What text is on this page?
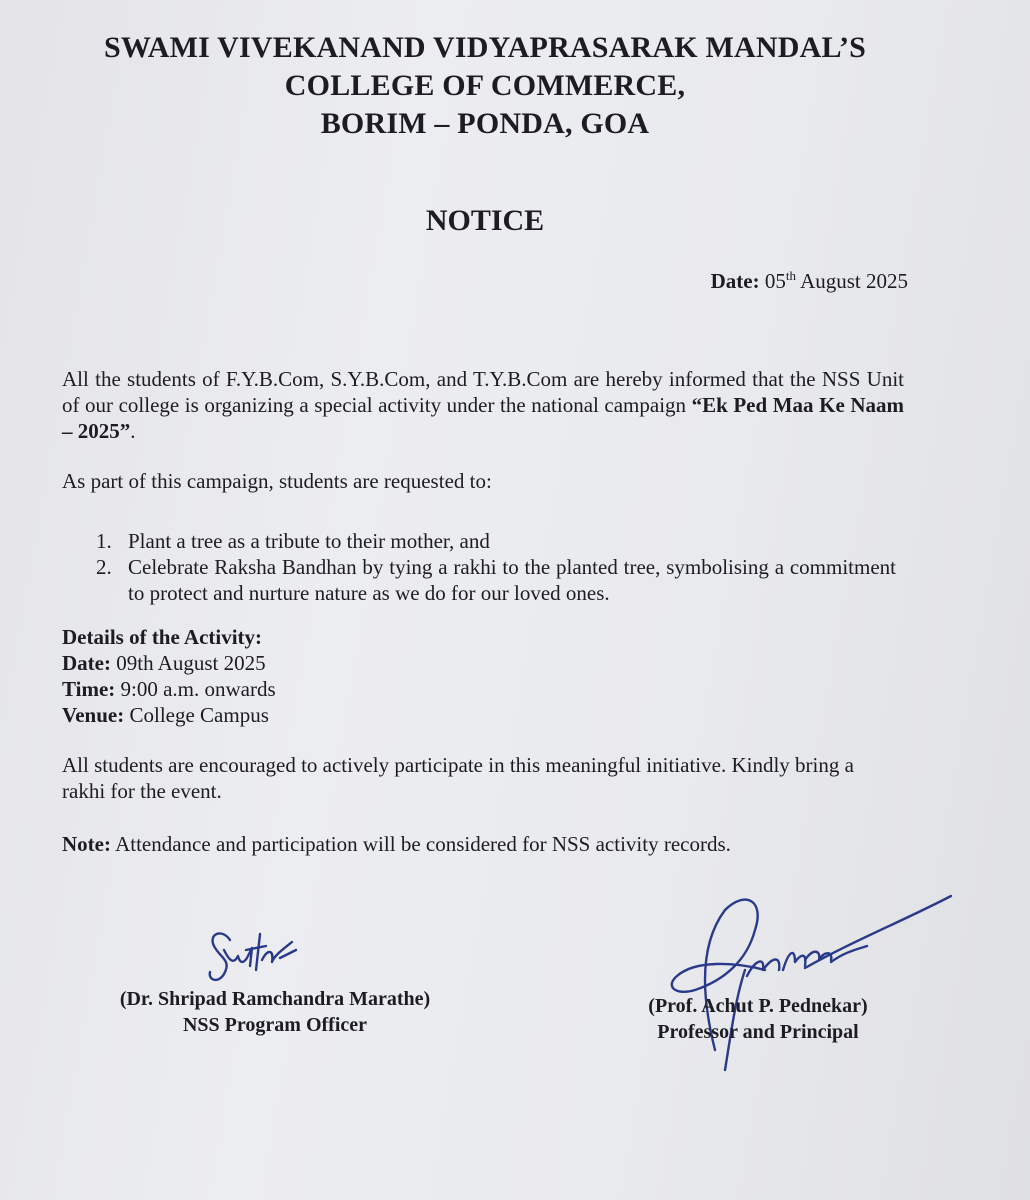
SWAMI VIVEKANAND VIDYAPRASARAK MANDAL’S
COLLEGE OF COMMERCE,
BORIM – PONDA, GOA
NOTICE
Date: 05th August 2025
All the students of F.Y.B.Com, S.Y.B.Com, and T.Y.B.Com are hereby informed that the NSS Unit of our college is organizing a special activity under the national campaign “Ek Ped Maa Ke Naam – 2025”.
As part of this campaign, students are requested to:
1. Plant a tree as a tribute to their mother, and
2. Celebrate Raksha Bandhan by tying a rakhi to the planted tree, symbolising a commitment to protect and nurture nature as we do for our loved ones.
Details of the Activity:
Date: 09th August 2025
Time: 9:00 a.m. onwards
Venue: College Campus
All students are encouraged to actively participate in this meaningful initiative. Kindly bring a rakhi for the event.
Note: Attendance and participation will be considered for NSS activity records.
(Dr. Shripad Ramchandra Marathe)
NSS Program Officer
(Prof. Achut P. Pednekar)
Professor and Principal
